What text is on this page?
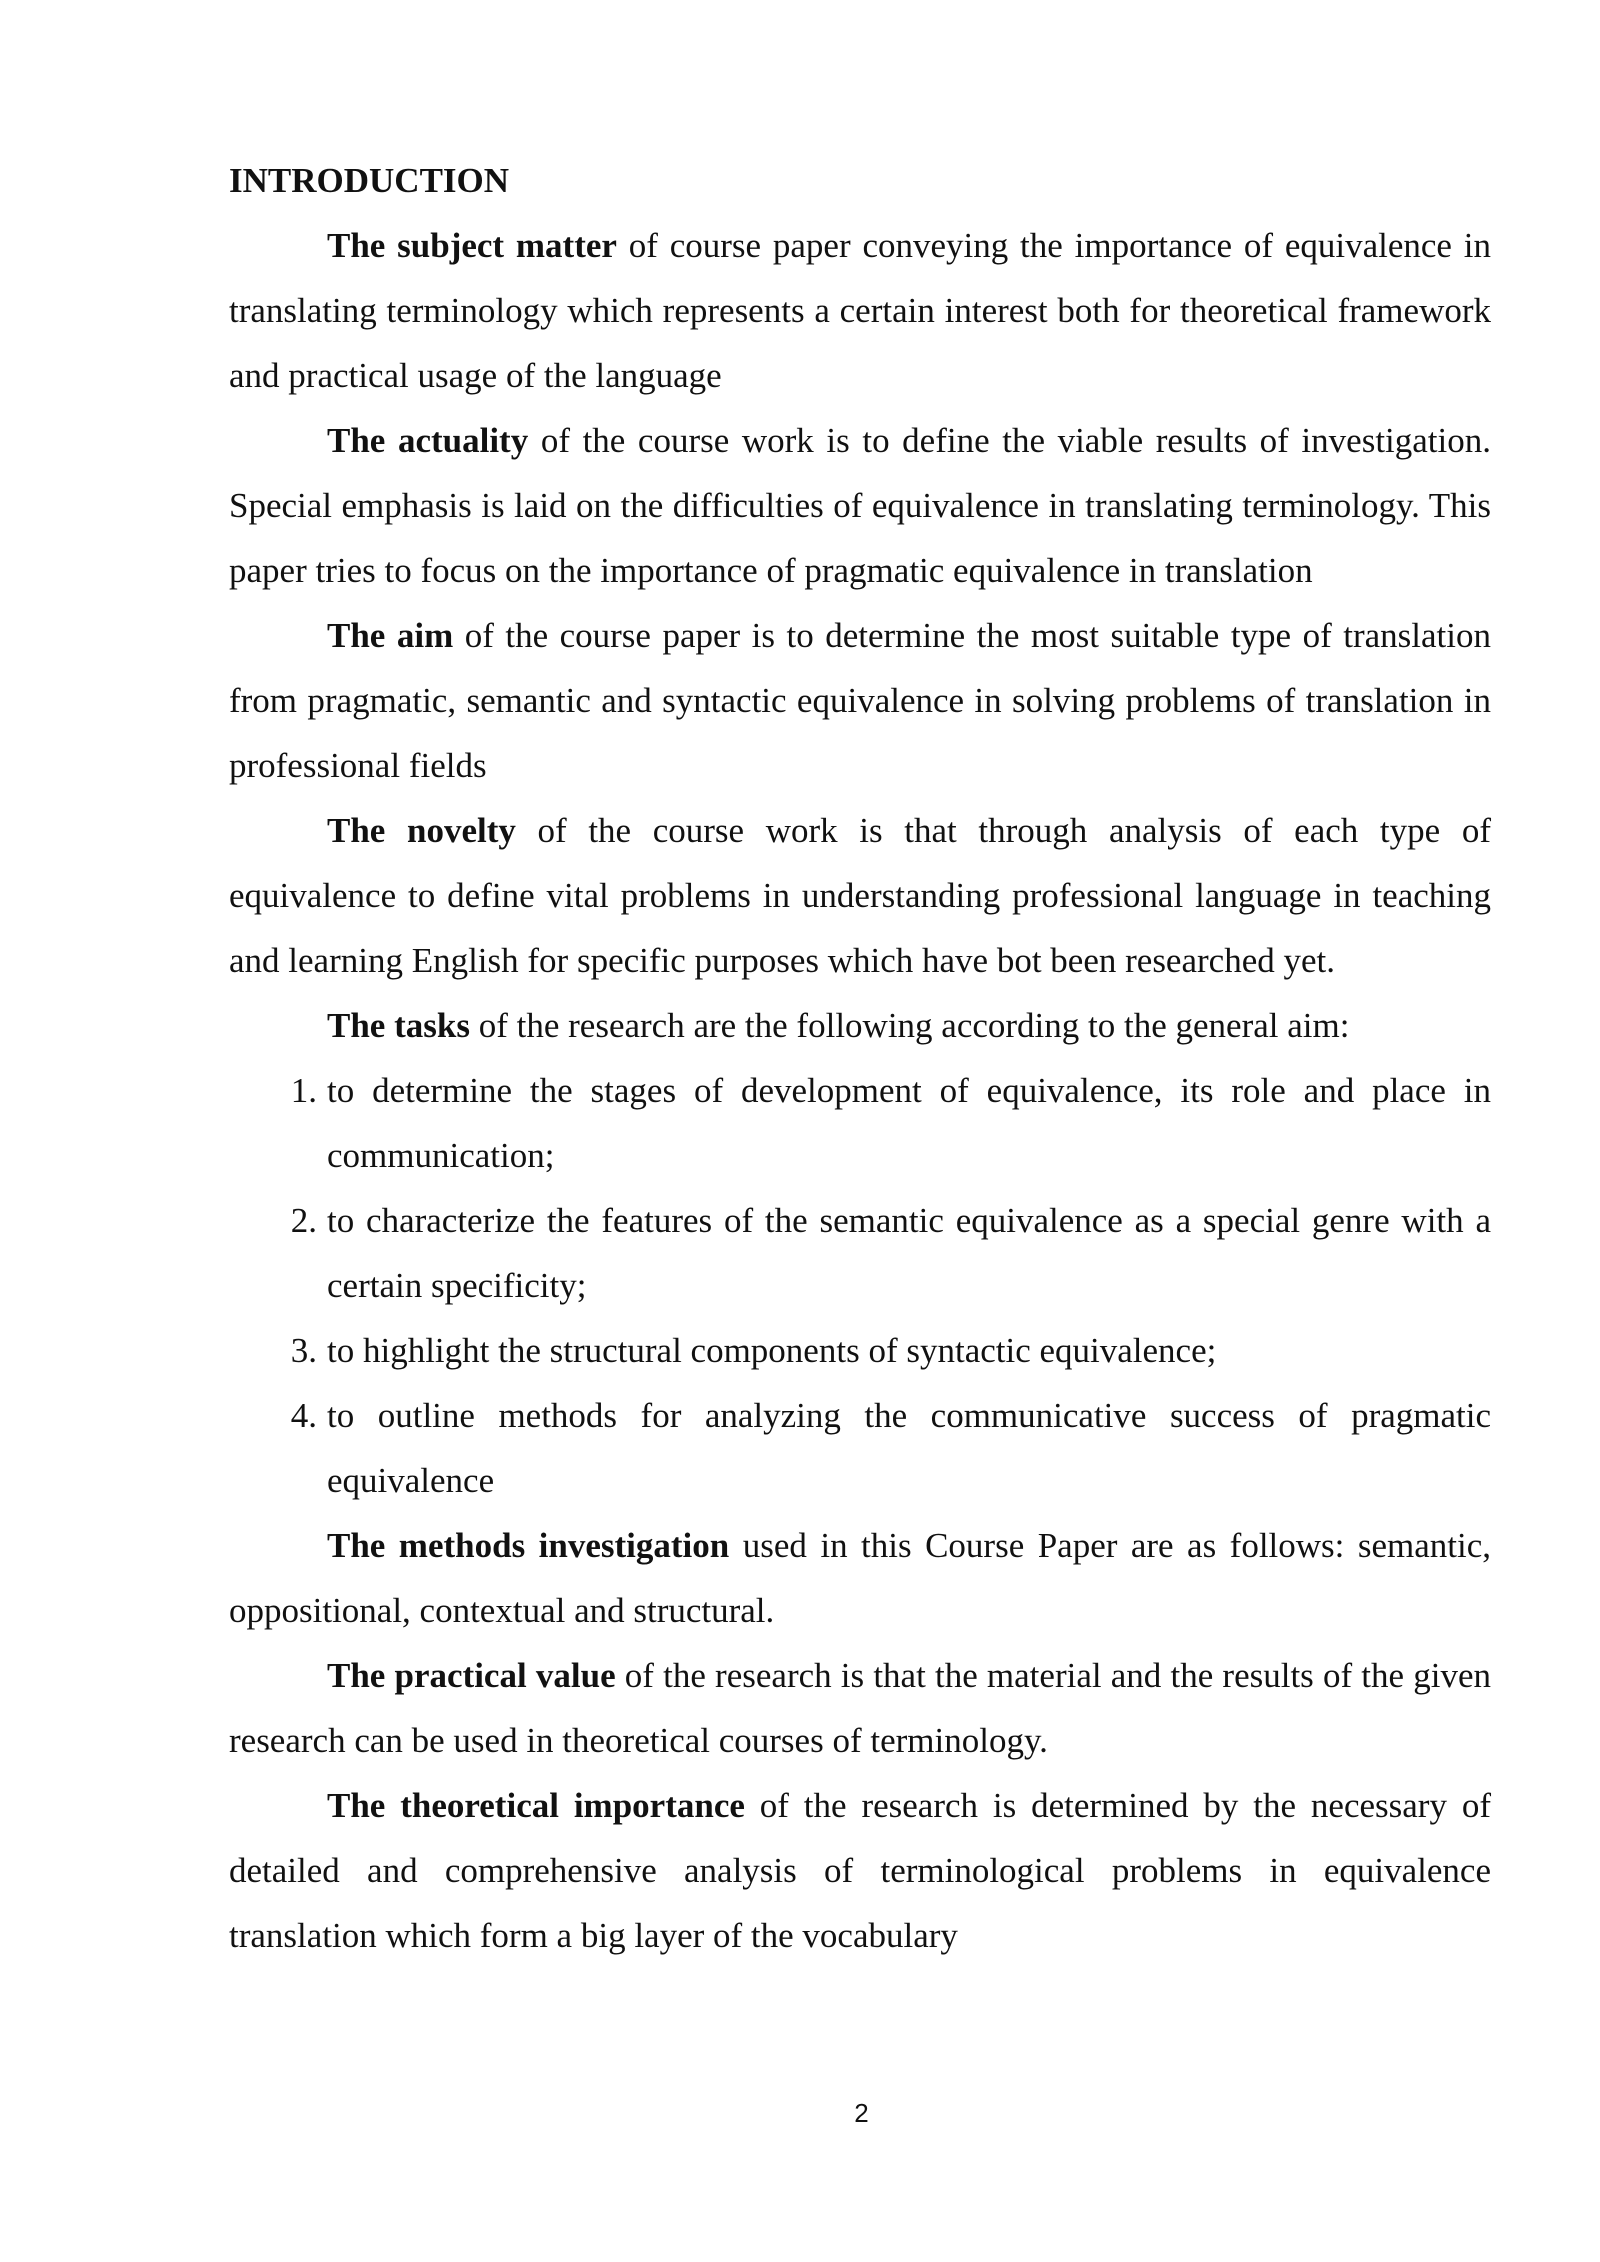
INTRODUCTION

The subject matter of course paper conveying the importance of equivalence in translating terminology which represents a certain interest both for theoretical framework and practical usage of the language

The actuality of the course work is to define the viable results of investigation. Special emphasis is laid on the difficulties of equivalence in translating terminology. This paper tries to focus on the importance of pragmatic equivalence in translation

The aim of the course paper is to determine the most suitable type of translation from pragmatic, semantic and syntactic equivalence in solving problems of translation in professional fields

The novelty of the course work is that through analysis of each type of equivalence to define vital problems in understanding professional language in teaching and learning English for specific purposes which have bot been researched yet.

The tasks of the research are the following according to the general aim:

1. to determine the stages of development of equivalence, its role and place in communication;
2. to characterize the features of the semantic equivalence as a special genre with a certain specificity;
3. to highlight the structural components of syntactic equivalence;
4. to outline methods for analyzing the communicative success of pragmatic equivalence

The methods investigation used in this Course Paper are as follows: semantic, oppositional, contextual and structural.

The practical value of the research is that the material and the results of the given research can be used in theoretical courses of terminology.

The theoretical importance of the research is determined by the necessary of detailed and comprehensive analysis of terminological problems in equivalence translation which form a big layer of the vocabulary

2
